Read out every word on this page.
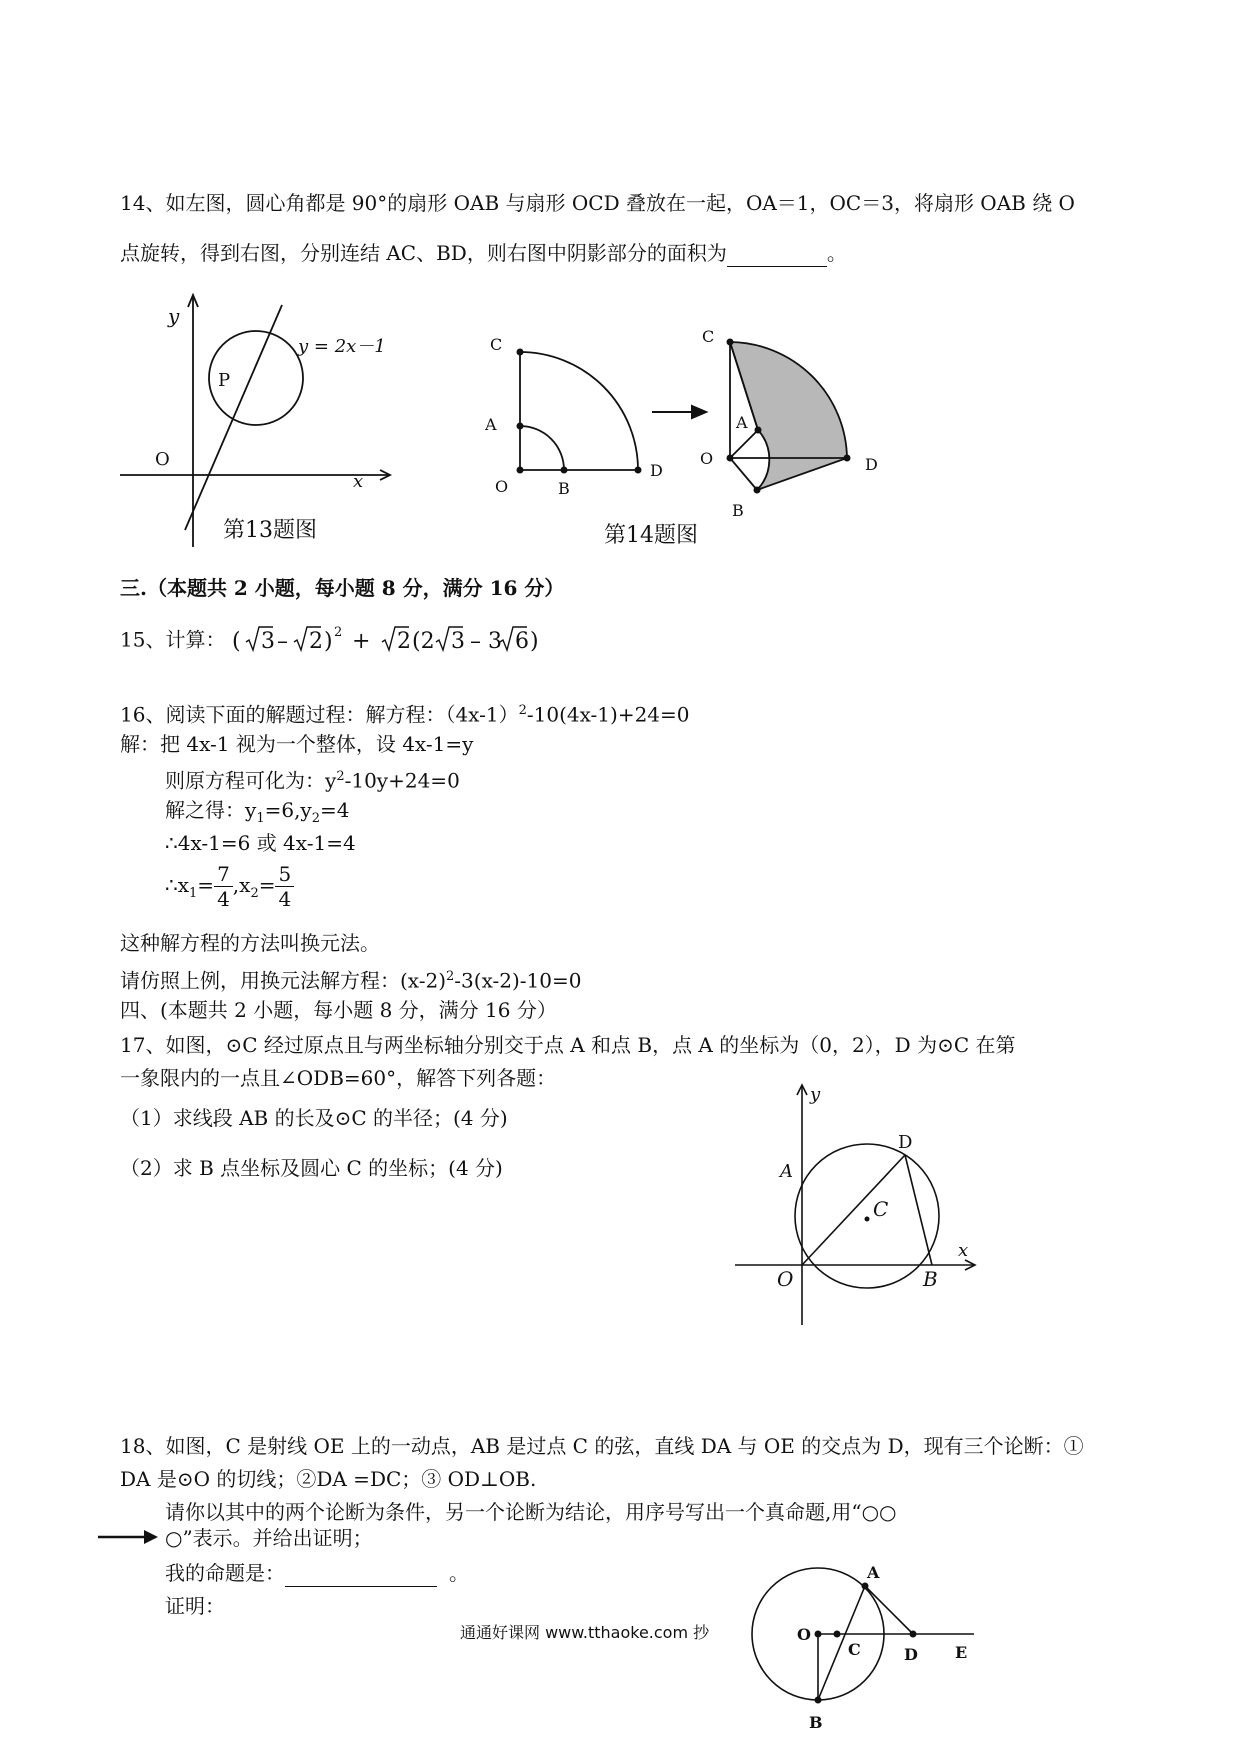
14、如左图，圆心角都是 90°的扇形 OAB 与扇形 OCD 叠放在一起，OA＝1，OC＝3，将扇形 OAB 绕 O
点旋转，得到右图，分别连结 AC、BD，则右图中阴影部分的面积为	。
y
x
O
P
y = 2x－1
第13题图
C
A
O	B
D
C
A
O
B
D
第14题图
三.（本题共 2 小题，每小题 8 分，满分 16 分）
15、计算： ( 3 – 2 ) 2 + 2 (2 3 – 3 6 )
16、阅读下面的解题过程：解方程：$(4x-1)^2-10(4x-1)+24=0$
解：把 4x-1 视为一个整体，设 4x-1=y
则原方程可化为：$y^2-10y+24=0$
解之得：$y_1=6,y_2=4$
∴4x-1=6 或 4x-1=4
$\therefore x_1= \frac{7}{4} ,x_2= \frac{5}{4}$
这种解方程的方法叫换元法。
请仿照上例，用换元法解方程：$(x-2)^2-3(x-2)-10=0$
四、(本题共 2 小题，每小题 8 分，满分 16 分）
17、如图，⊙C 经过原点且与两坐标轴分别交于点 A 和点 B，点 A 的坐标为（0，2），D 为⊙C 在第
一象限内的一点且∠ODB=60°，解答下列各题：
（1）求线段 AB 的长及⊙C 的半径；(4 分)
（2）求 B 点坐标及圆心 C 的坐标；(4 分)
y
x
A
D
C
O	B
18、如图，C 是射线 OE 上的一动点，AB 是过点 C 的弦，直线 DA 与 OE 的交点为 D，现有三个论断：①
DA 是⊙O 的切线；②DA =DC；③ OD⊥OB.
请你以其中的两个论断为条件，另一个论断为结论，用序号写出一个真命题,用“○○
○”表示。并给出证明；
我的命题是：	。
证明：
A
O
C	D E
B
通通好课网 www.tthaoke.com 抄
